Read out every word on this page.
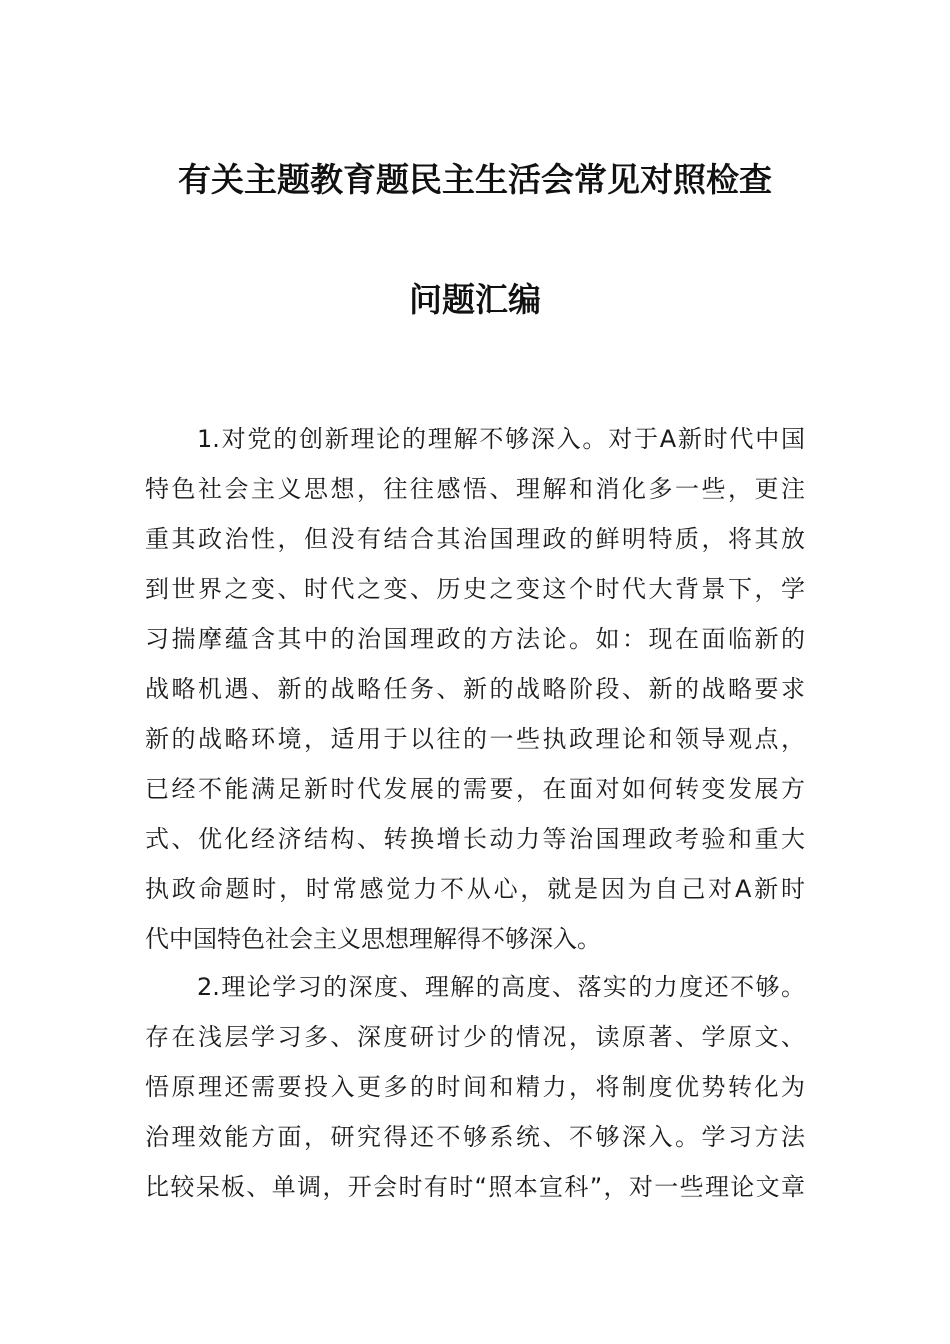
有关主题教育题民主生活会常见对照检查
问题汇编
1.对党的创新理论的理解不够深入。对于A新时代中国
特色社会主义思想，往往感悟、理解和消化多一些，更注
重其政治性，但没有结合其治国理政的鲜明特质，将其放
到世界之变、时代之变、历史之变这个时代大背景下，学
习揣摩蕴含其中的治国理政的方法论。如：现在面临新的
战略机遇、新的战略任务、新的战略阶段、新的战略要求
新的战略环境，适用于以往的一些执政理论和领导观点，
已经不能满足新时代发展的需要，在面对如何转变发展方
式、优化经济结构、转换增长动力等治国理政考验和重大
执政命题时，时常感觉力不从心，就是因为自己对A新时
代中国特色社会主义思想理解得不够深入。
2.理论学习的深度、理解的高度、落实的力度还不够。
存在浅层学习多、深度研讨少的情况，读原著、学原文、
悟原理还需要投入更多的时间和精力，将制度优势转化为
治理效能方面，研究得还不够系统、不够深入。学习方法
比较呆板、单调，开会时有时“照本宣科”，对一些理论文章
